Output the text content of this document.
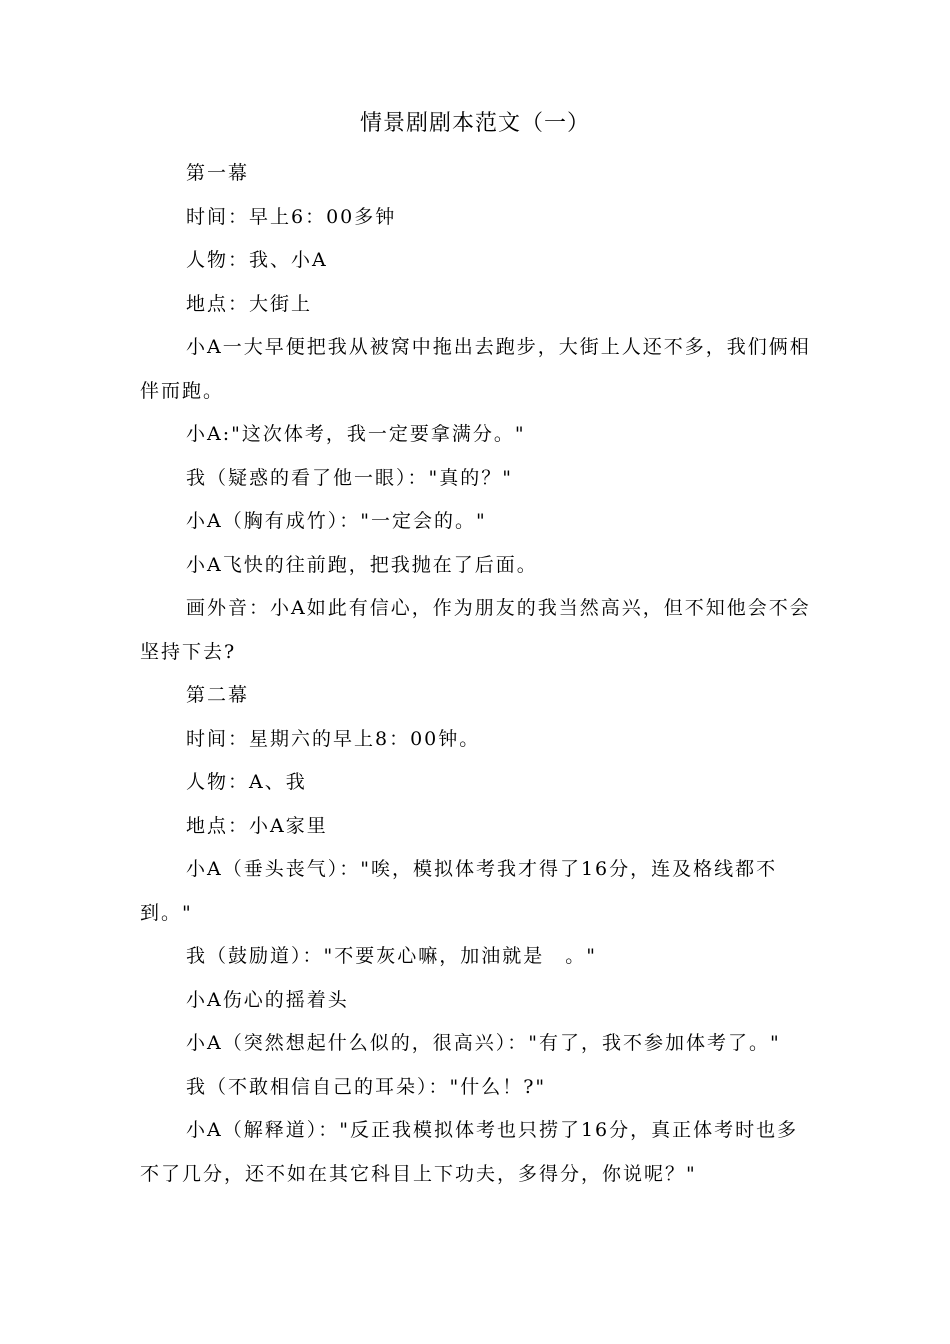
情景剧剧本范文（一）

第一幕

时间：早上6：00多钟

人物：我、小A

地点：大街上

小A一大早便把我从被窝中拖出去跑步，大街上人还不多，我们俩相伴而跑。

小A:"这次体考，我一定要拿满分。"

我（疑惑的看了他一眼）："真的？"

小A（胸有成竹）："一定会的。"

小A飞快的往前跑，把我抛在了后面。

画外音：小A如此有信心，作为朋友的我当然高兴，但不知他会不会坚持下去?

第二幕

时间：星期六的早上8：00钟。

人物：A、我

地点：小A家里

小A（垂头丧气）："唉，模拟体考我才得了16分，连及格线都不到。"

我（鼓励道）："不要灰心嘛，加油就是　。"

小A伤心的摇着头

小A（突然想起什么似的，很高兴）："有了，我不参加体考了。"

我（不敢相信自己的耳朵）："什么！?"

小A（解释道）："反正我模拟体考也只捞了16分，真正体考时也多不了几分，还不如在其它科目上下功夫，多得分，你说呢？"
